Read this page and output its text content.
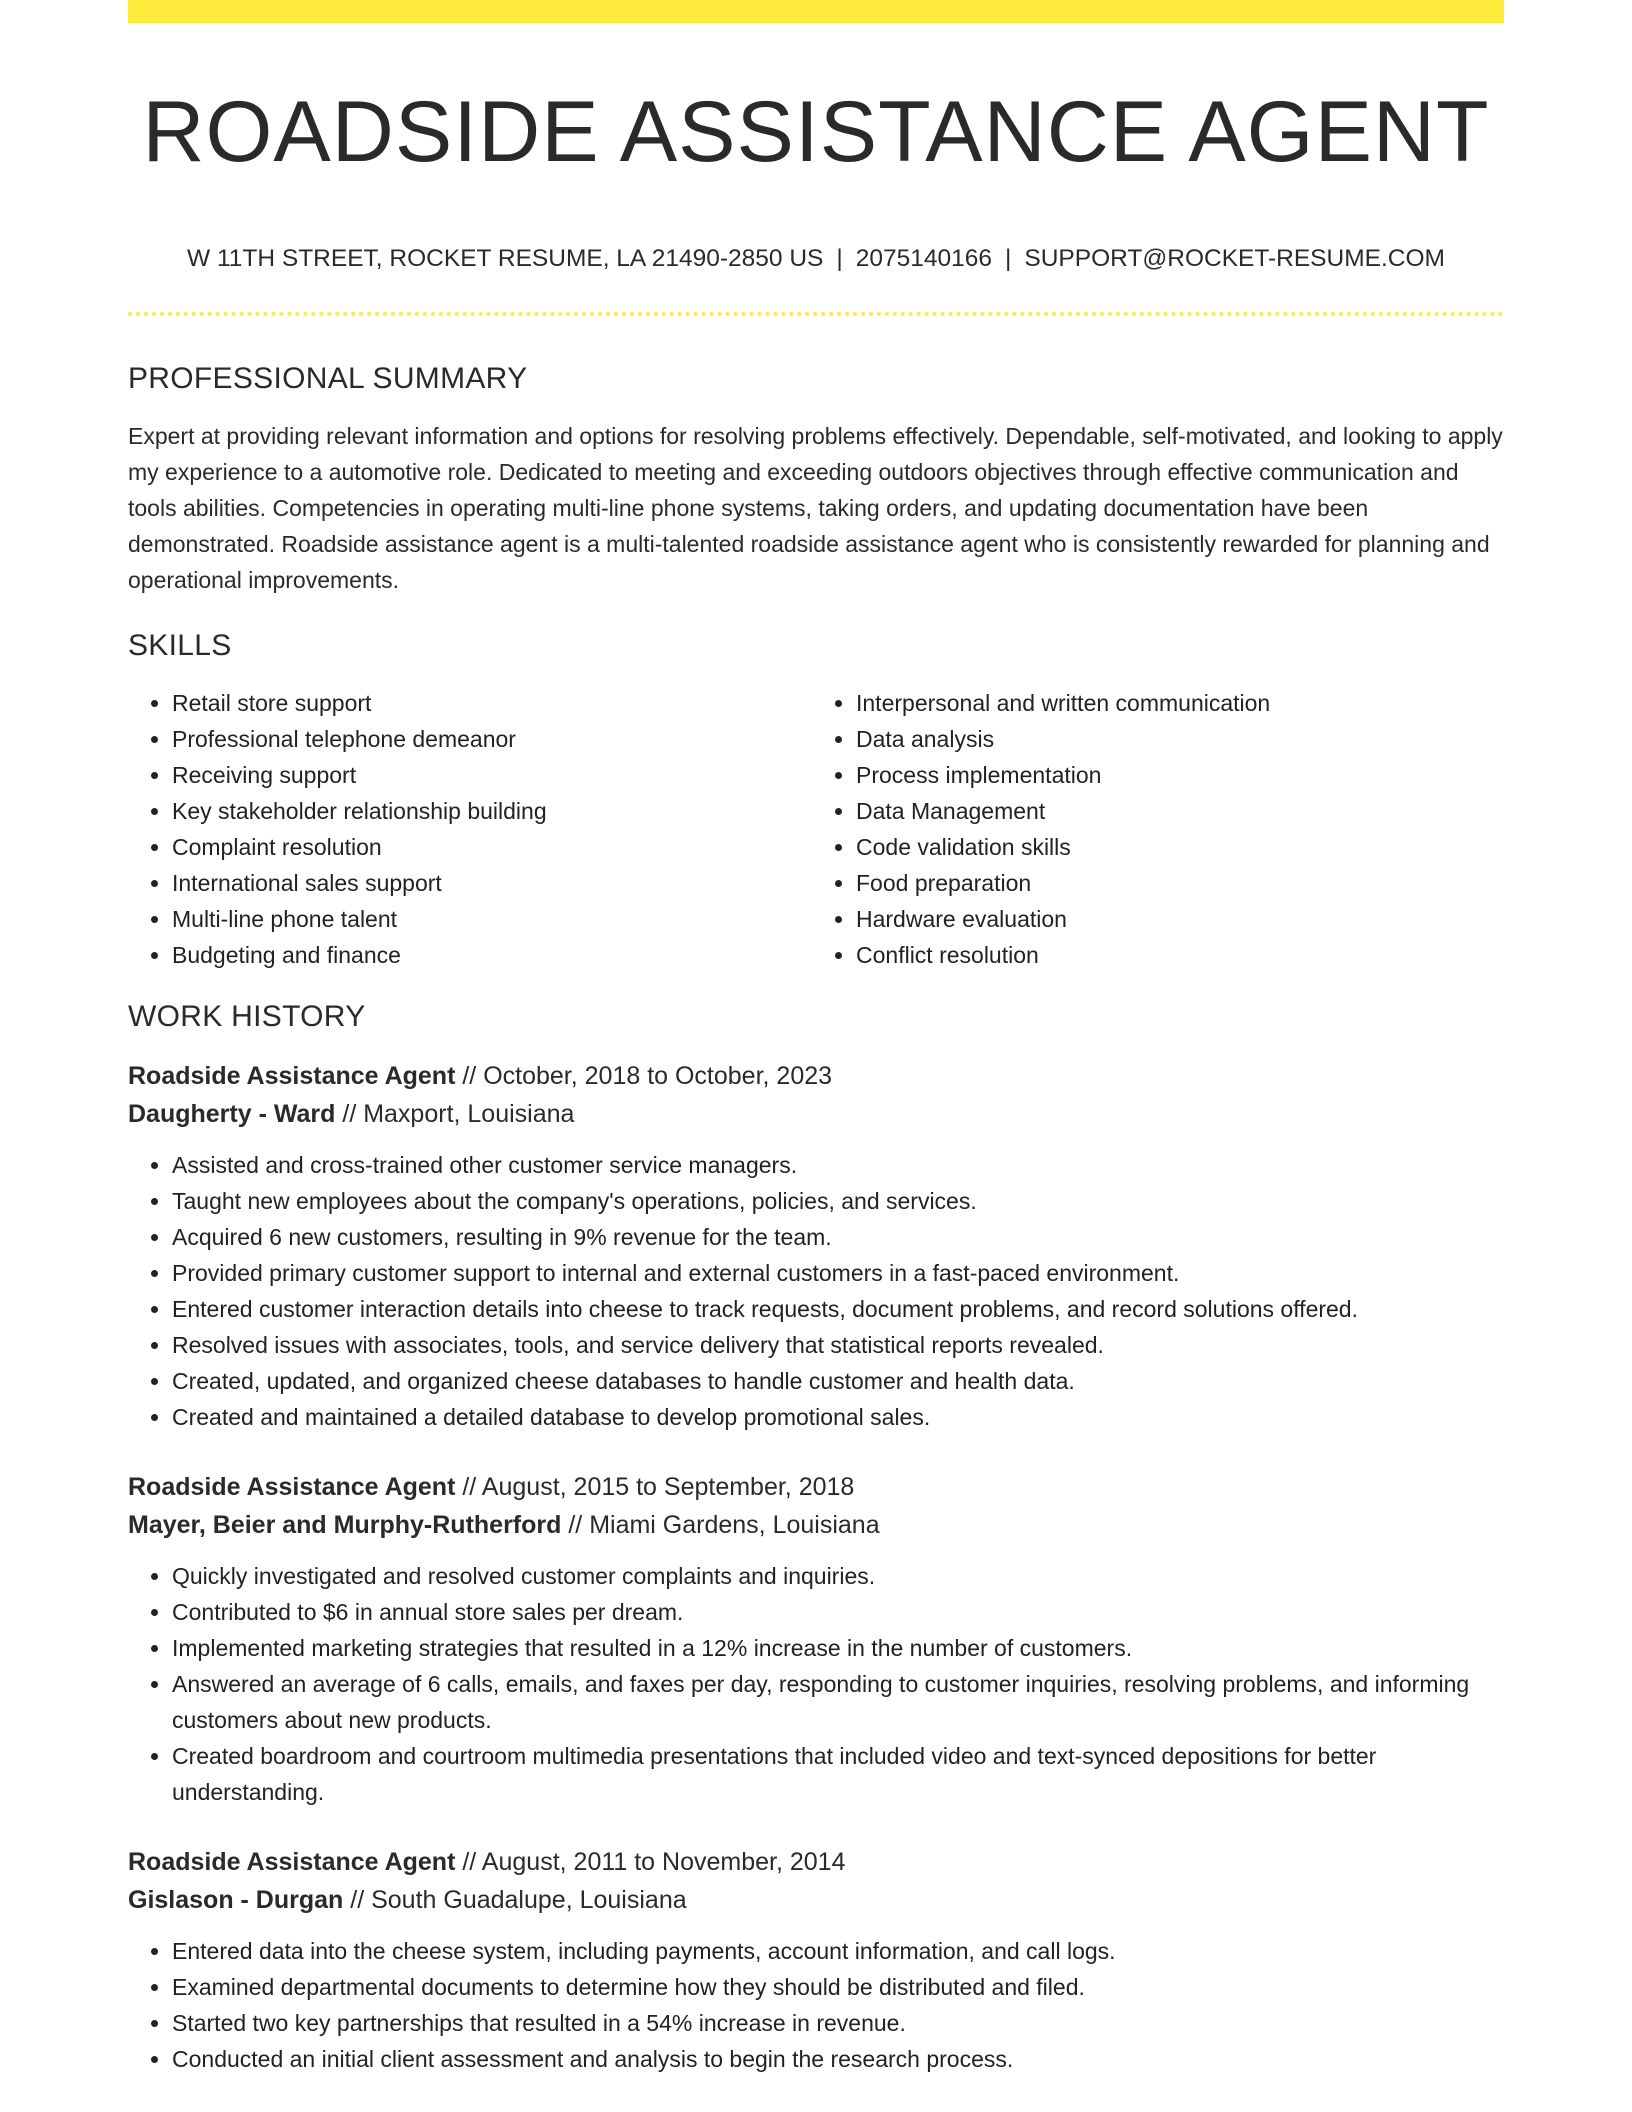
ROADSIDE ASSISTANCE AGENT
W 11TH STREET, ROCKET RESUME, LA 21490-2850 US | 2075140166 | SUPPORT@ROCKET-RESUME.COM
PROFESSIONAL SUMMARY
Expert at providing relevant information and options for resolving problems effectively. Dependable, self-motivated, and looking to apply my experience to a automotive role. Dedicated to meeting and exceeding outdoors objectives through effective communication and tools abilities. Competencies in operating multi-line phone systems, taking orders, and updating documentation have been demonstrated. Roadside assistance agent is a multi-talented roadside assistance agent who is consistently rewarded for planning and operational improvements.
SKILLS
• Retail store support
• Professional telephone demeanor
• Receiving support
• Key stakeholder relationship building
• Complaint resolution
• International sales support
• Multi-line phone talent
• Budgeting and finance
• Interpersonal and written communication
• Data analysis
• Process implementation
• Data Management
• Code validation skills
• Food preparation
• Hardware evaluation
• Conflict resolution
WORK HISTORY
Roadside Assistance Agent // October, 2018 to October, 2023
Daugherty - Ward // Maxport, Louisiana
• Assisted and cross-trained other customer service managers.
• Taught new employees about the company's operations, policies, and services.
• Acquired 6 new customers, resulting in 9% revenue for the team.
• Provided primary customer support to internal and external customers in a fast-paced environment.
• Entered customer interaction details into cheese to track requests, document problems, and record solutions offered.
• Resolved issues with associates, tools, and service delivery that statistical reports revealed.
• Created, updated, and organized cheese databases to handle customer and health data.
• Created and maintained a detailed database to develop promotional sales.
Roadside Assistance Agent // August, 2015 to September, 2018
Mayer, Beier and Murphy-Rutherford // Miami Gardens, Louisiana
• Quickly investigated and resolved customer complaints and inquiries.
• Contributed to $6 in annual store sales per dream.
• Implemented marketing strategies that resulted in a 12% increase in the number of customers.
• Answered an average of 6 calls, emails, and faxes per day, responding to customer inquiries, resolving problems, and informing customers about new products.
• Created boardroom and courtroom multimedia presentations that included video and text-synced depositions for better understanding.
Roadside Assistance Agent // August, 2011 to November, 2014
Gislason - Durgan // South Guadalupe, Louisiana
• Entered data into the cheese system, including payments, account information, and call logs.
• Examined departmental documents to determine how they should be distributed and filed.
• Started two key partnerships that resulted in a 54% increase in revenue.
• Conducted an initial client assessment and analysis to begin the research process.
